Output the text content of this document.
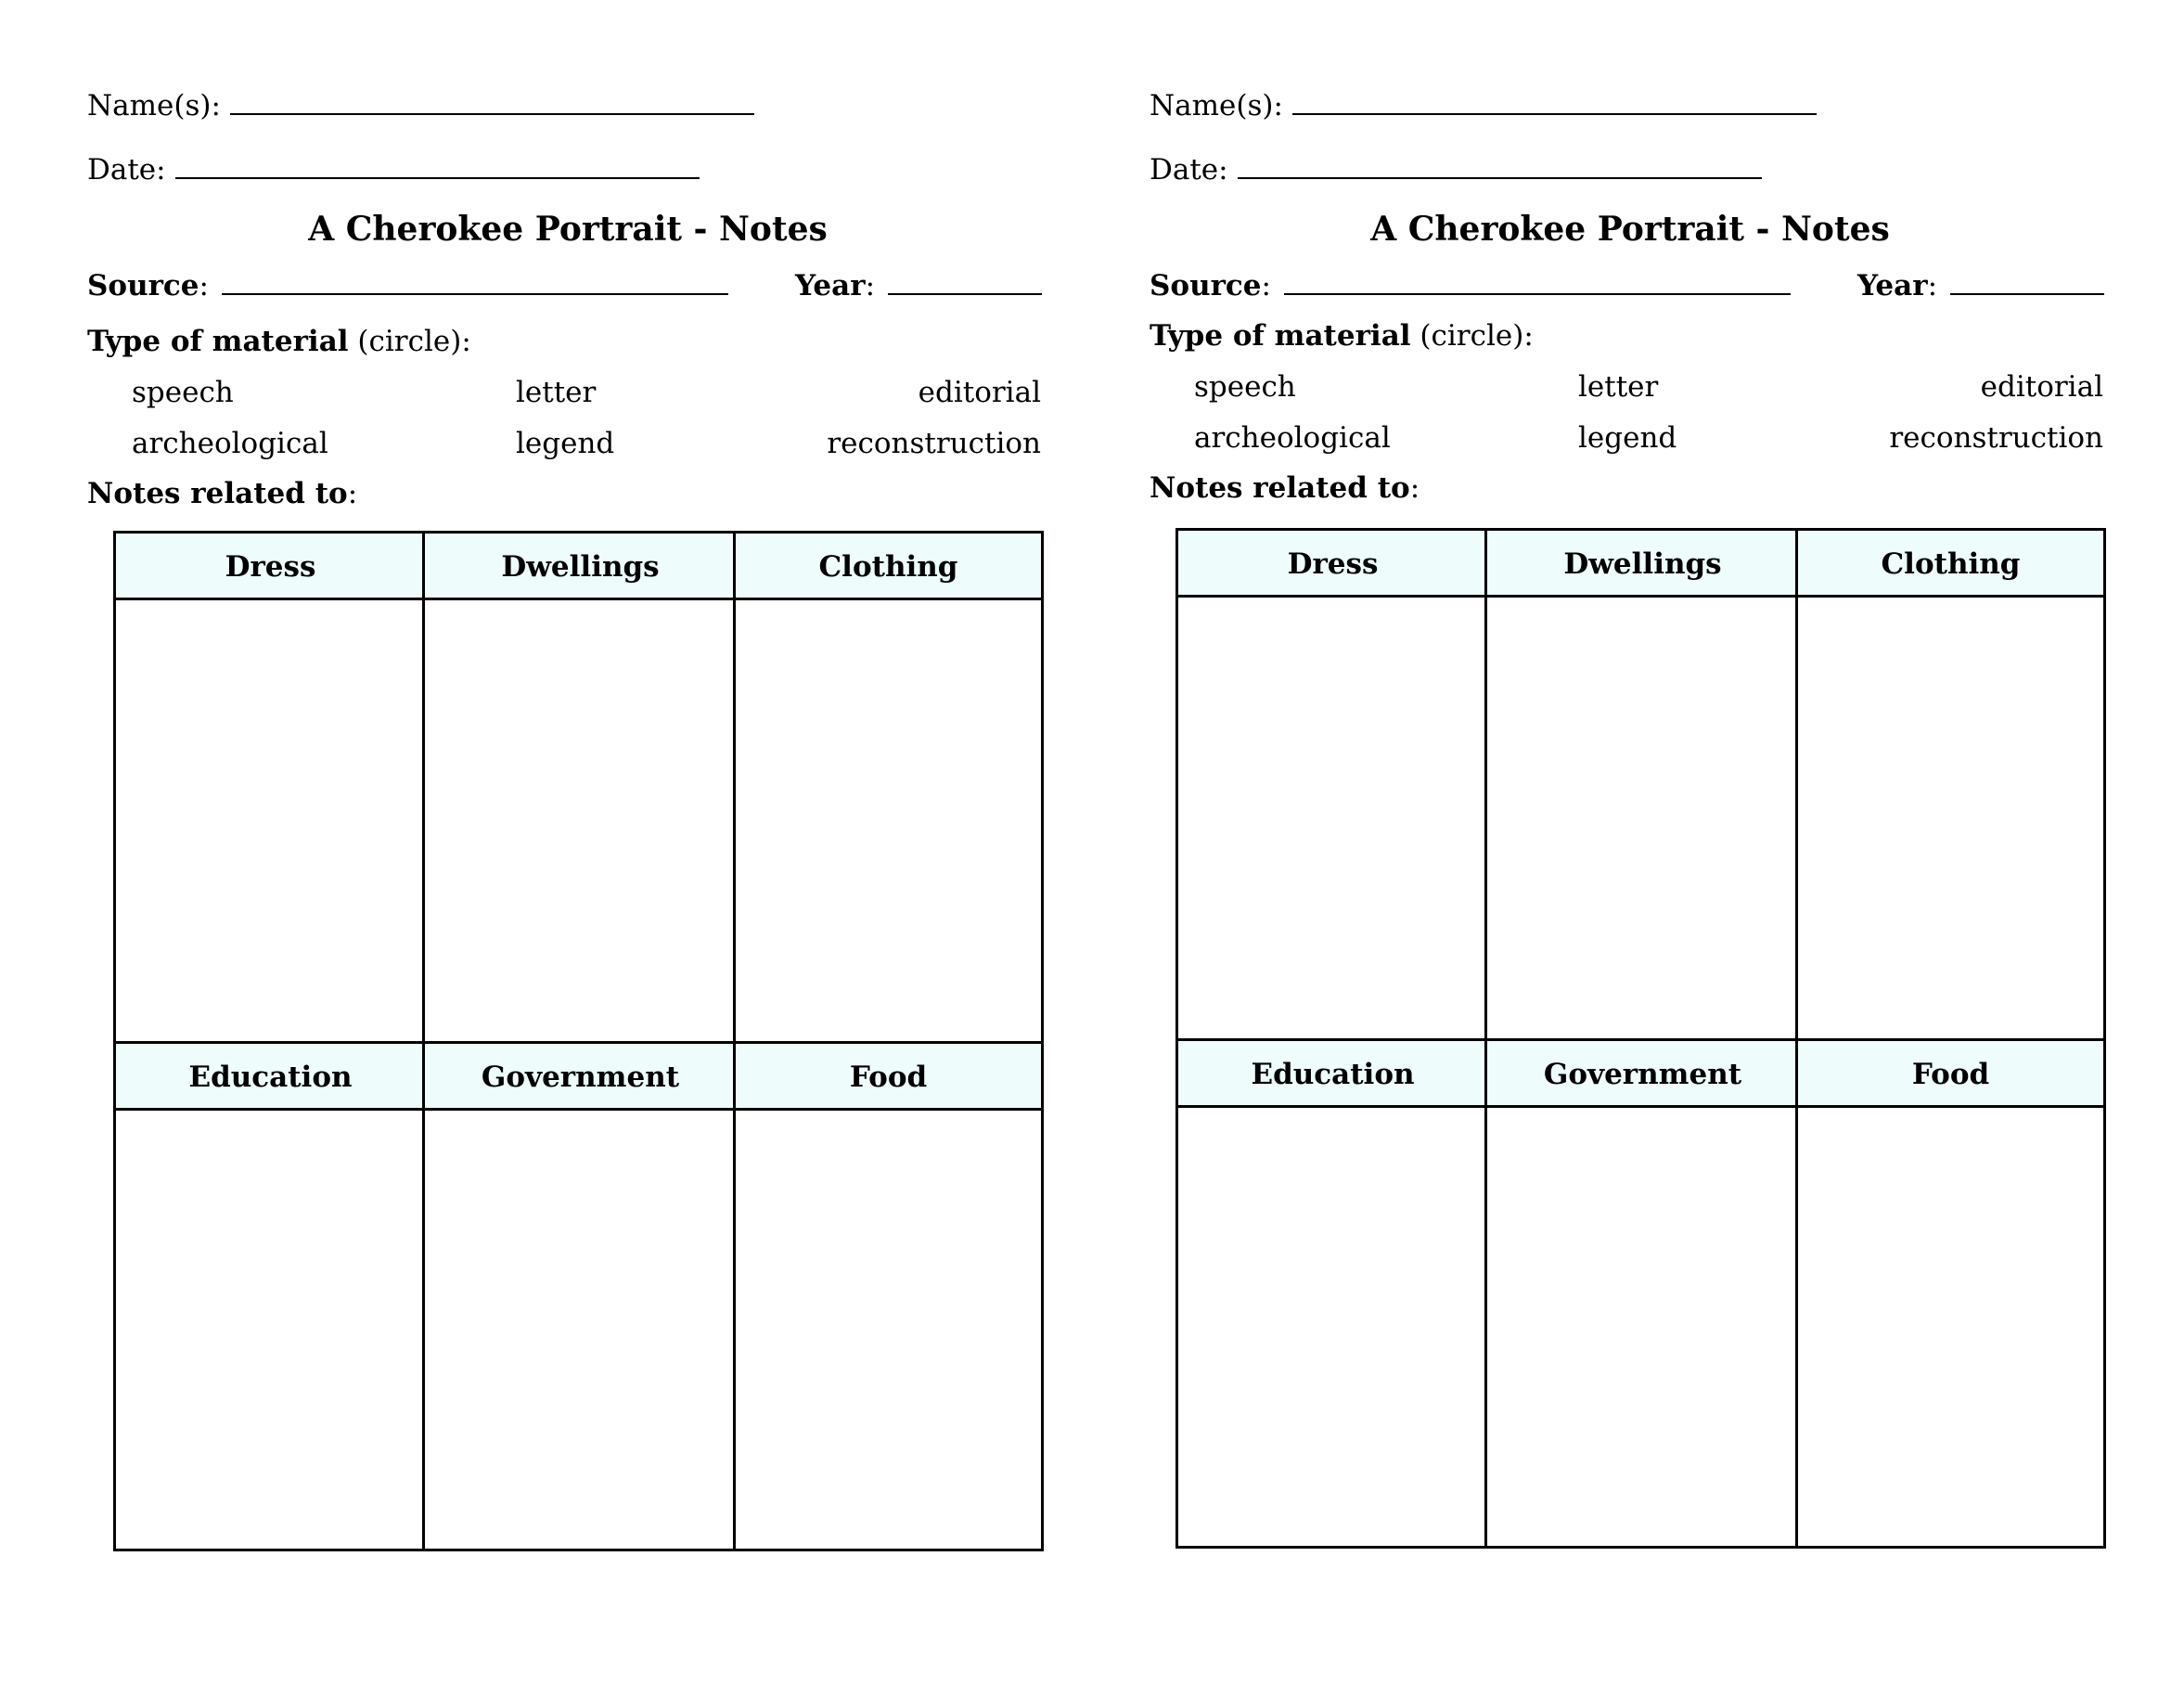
Name(s):
Date:
A Cherokee Portrait - Notes
Source:	Year:
Type of material (circle):
speech	letter	editorial
archeological	legend	reconstruction
Notes related to:
Dress	Dwellings	Clothing
Education	Government	Food
Name(s):
Date:
A Cherokee Portrait - Notes
Source:	Year:
Type of material (circle):
speech	letter	editorial
archeological	legend	reconstruction
Notes related to:
Dress	Dwellings	Clothing
Education	Government	Food
